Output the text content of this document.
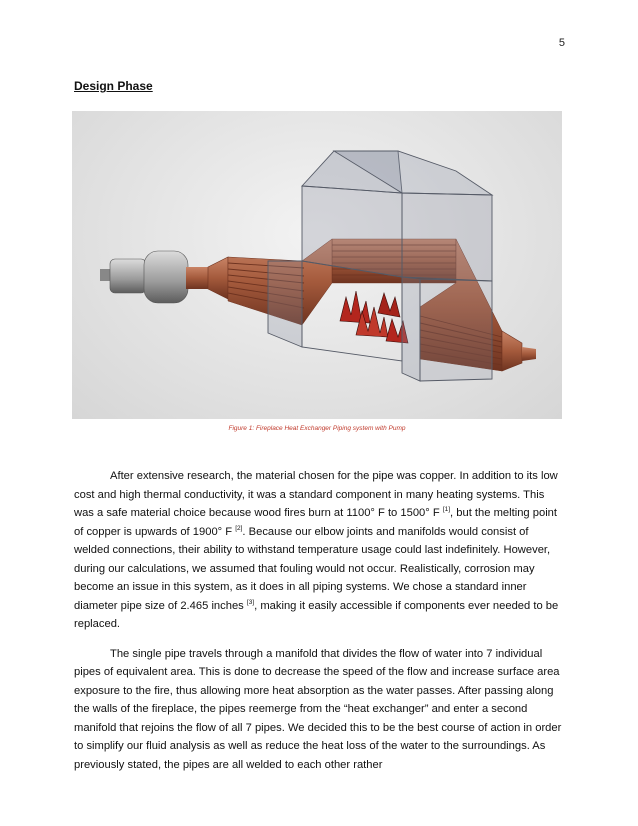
5
Design Phase
Figure 1: Fireplace Heat Exchanger Piping system with Pump

After extensive research, the material chosen for the pipe was copper. In addition to its low cost and high thermal conductivity, it was a standard component in many heating systems. This was a safe material choice because wood fires burn at 1100° F to 1500° F [1], but the melting point of copper is upwards of 1900° F [2]. Because our elbow joints and manifolds would consist of welded connections, their ability to withstand temperature usage could last indefinitely. However, during our calculations, we assumed that fouling would not occur. Realistically, corrosion may become an issue in this system, as it does in all piping systems. We chose a standard inner diameter pipe size of 2.465 inches [3], making it easily accessible if components ever needed to be replaced.

The single pipe travels through a manifold that divides the flow of water into 7 individual pipes of equivalent area. This is done to decrease the speed of the flow and increase surface area exposure to the fire, thus allowing more heat absorption as the water passes. After passing along the walls of the fireplace, the pipes reemerge from the “heat exchanger” and enter a second manifold that rejoins the flow of all 7 pipes. We decided this to be the best course of action in order to simplify our fluid analysis as well as reduce the heat loss of the water to the surroundings. As previously stated, the pipes are all welded to each other rather
